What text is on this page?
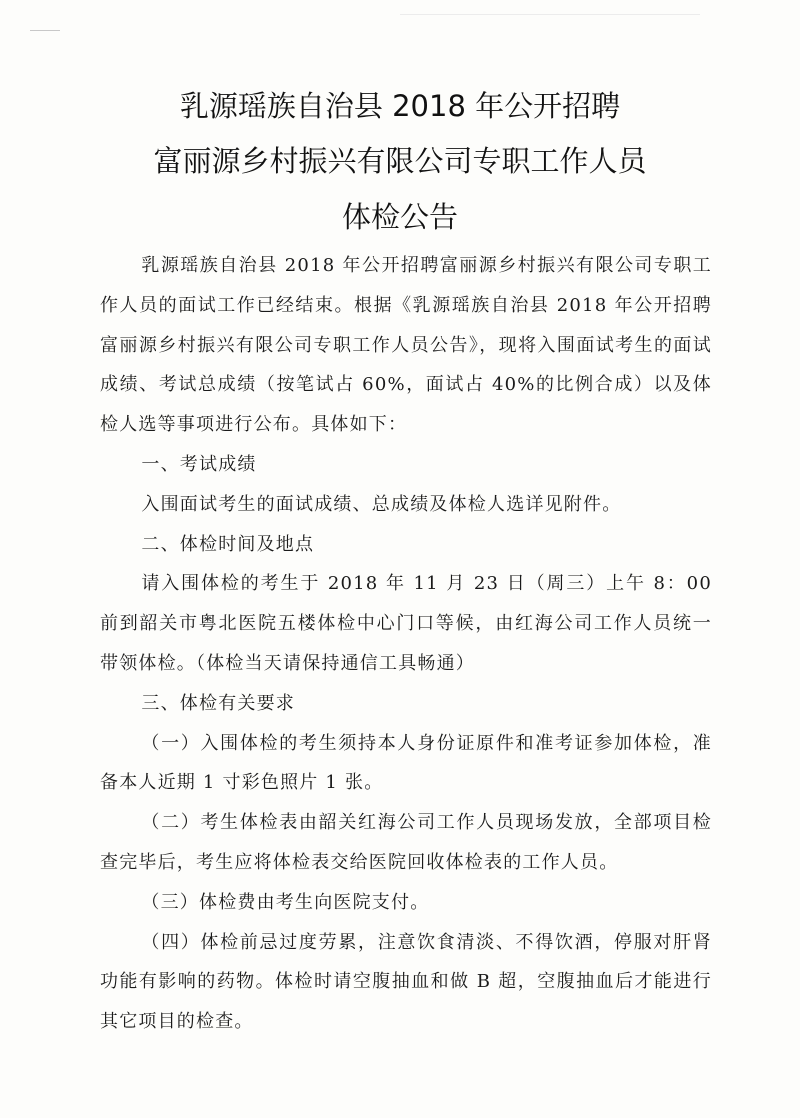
乳源瑶族自治县 2018 年公开招聘
富丽源乡村振兴有限公司专职工作人员
体检公告

乳源瑶族自治县 2018 年公开招聘富丽源乡村振兴有限公司专职工作人员的面试工作已经结束。根据《乳源瑶族自治县 2018 年公开招聘富丽源乡村振兴有限公司专职工作人员公告》，现将入围面试考生的面试成绩、考试总成绩（按笔试占 60%，面试占 40%的比例合成）以及体检人选等事项进行公布。具体如下：

一、考试成绩

入围面试考生的面试成绩、总成绩及体检人选详见附件。

二、体检时间及地点

请入围体检的考生于 2018 年 11 月 23 日（周三）上午 8：00 前到韶关市粤北医院五楼体检中心门口等候，由红海公司工作人员统一带领体检。（体检当天请保持通信工具畅通）

三、体检有关要求

（一）入围体检的考生须持本人身份证原件和准考证参加体检，准备本人近期 1 寸彩色照片 1 张。

（二）考生体检表由韶关红海公司工作人员现场发放，全部项目检查完毕后，考生应将体检表交给医院回收体检表的工作人员。

（三）体检费由考生向医院支付。

（四）体检前忌过度劳累，注意饮食清淡、不得饮酒，停服对肝肾功能有影响的药物。体检时请空腹抽血和做 B 超，空腹抽血后才能进行其它项目的检查。
